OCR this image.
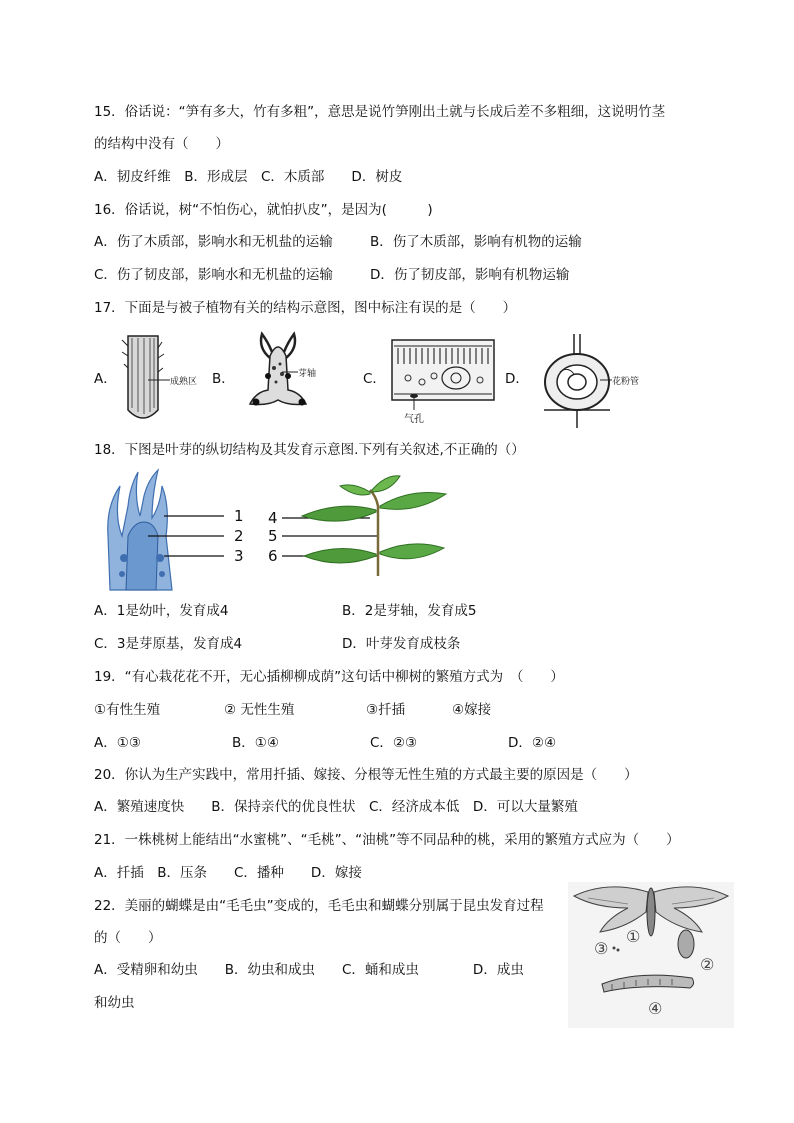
15．俗话说：“笋有多大，竹有多粗”，意思是说竹笋刚出土就与长成后差不多粗细，这说明竹茎
的结构中没有（　　）
A．韧皮纤维　B．形成层　C．木质部　　D．树皮
16．俗话说，树“不怕伤心，就怕扒皮”，是因为(　　　)
A．伤了木质部，影响水和无机盐的运输	B．伤了木质部，影响有机物的运输
C．伤了韧皮部，影响水和无机盐的运输	D．伤了韧皮部，影响有机物运输
17．下面是与被子植物有关的结构示意图，图中标注有误的是（　　）
A．	B．	C．	D．
成熟区
芽轴
气孔
花粉管
18．下图是叶芽的纵切结构及其发育示意图.下列有关叙述,不正确的（）
1
2
3
4
5
6
A．1是幼叶，发育成4	B．2是芽轴，发育成5
C．3是芽原基，发育成4	D．叶芽发育成枝条
19．“有心栽花花不开，无心插柳柳成荫”这句话中柳树的繁殖方式为　（　　）
①有性生殖	② 无性生殖	③扦插	④嫁接
A．①③	B．①④	C．②③	D．②④
20．你认为生产实践中，常用扦插、嫁接、分根等无性生殖的方式最主要的原因是（　　）
A．繁殖速度快　　B．保持亲代的优良性状　C．经济成本低　D．可以大量繁殖
21．一株桃树上能结出“水蜜桃”、“毛桃”、“油桃”等不同品种的桃，采用的繁殖方式应为（　　）
A．扦插　B．压条　　C．播种　　D．嫁接
22．美丽的蝴蝶是由“毛毛虫”变成的，毛毛虫和蝴蝶分别属于昆虫发育过程
的（　　）
A．受精卵和幼虫　　B．幼虫和成虫　　C．蛹和成虫　　　　D．成虫
和幼虫
①
②
③
④
